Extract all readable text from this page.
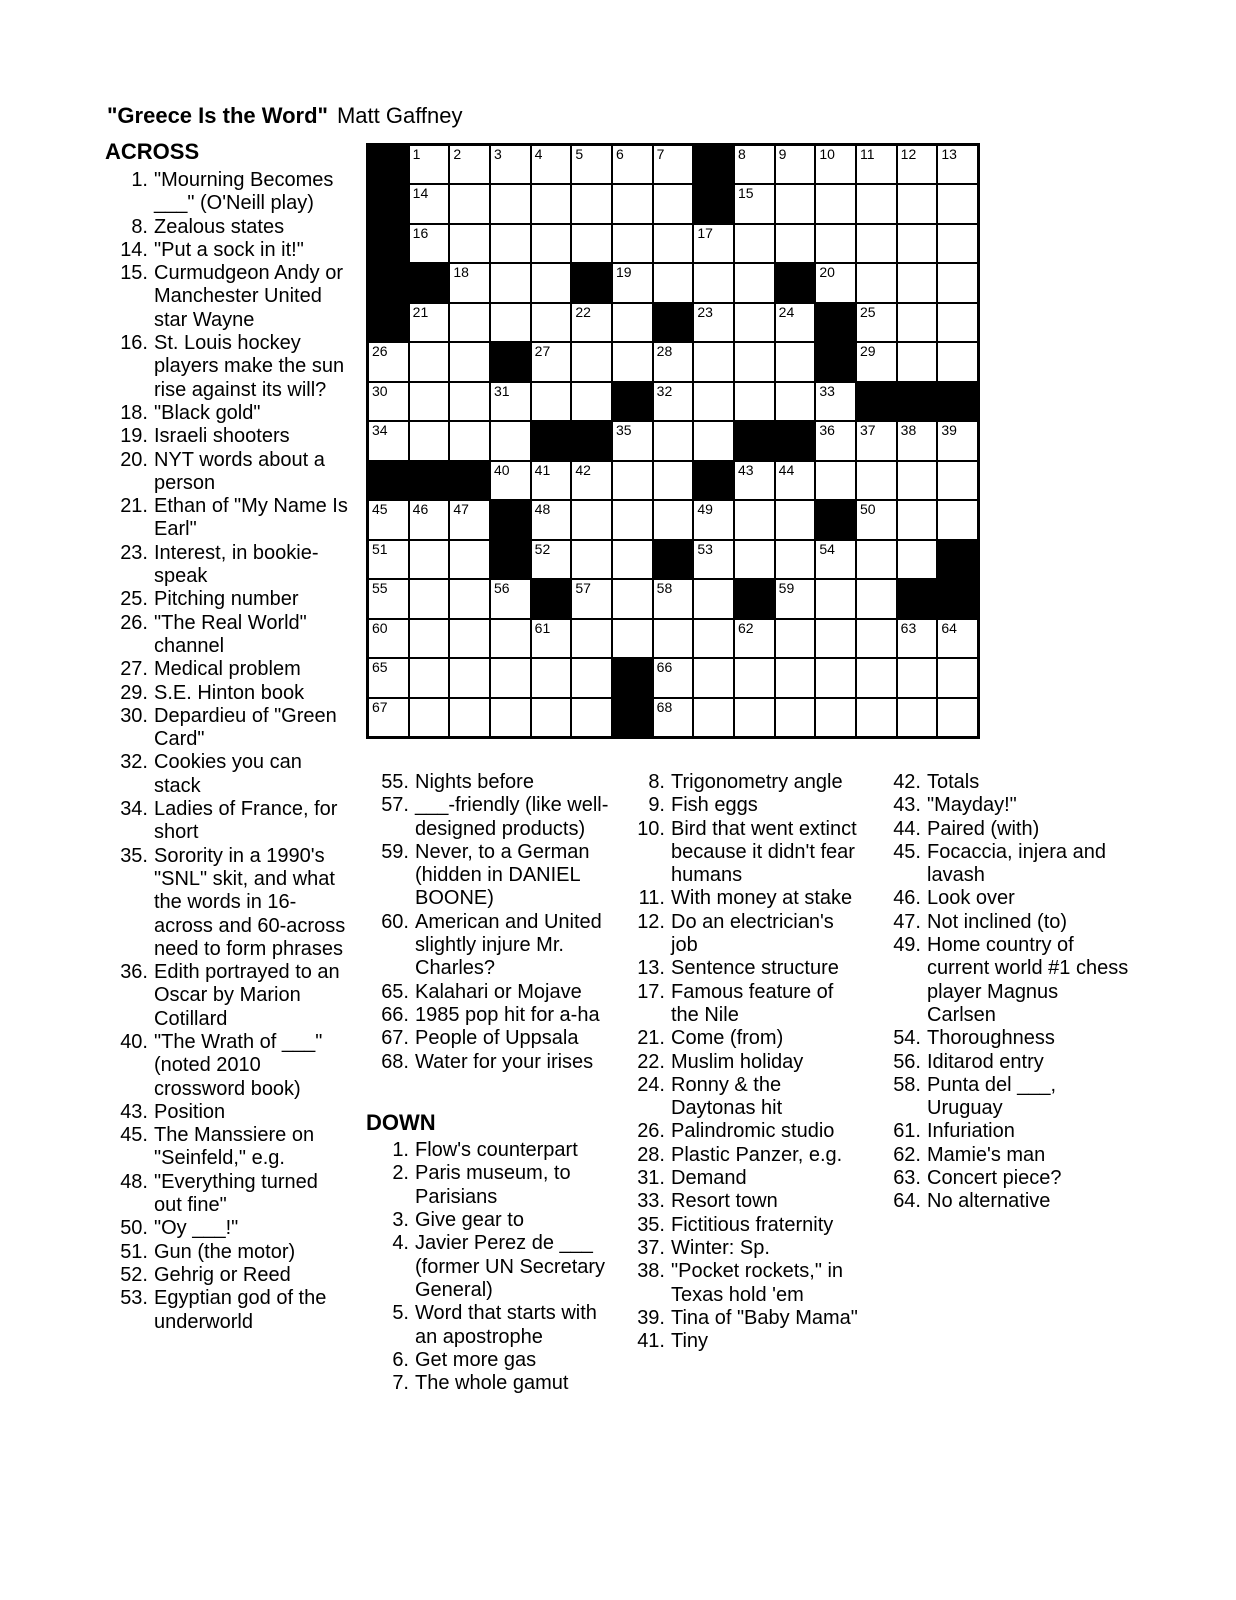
"Greece Is the Word" Matt Gaffney
ACROSS
1. "Mourning Becomes ___" (O'Neill play)
8. Zealous states
14. "Put a sock in it!"
15. Curmudgeon Andy or Manchester United star Wayne
16. St. Louis hockey players make the sun rise against its will?
18. "Black gold"
19. Israeli shooters
20. NYT words about a person
21. Ethan of "My Name Is Earl"
23. Interest, in bookie-speak
25. Pitching number
26. "The Real World" channel
27. Medical problem
29. S.E. Hinton book
30. Depardieu of "Green Card"
32. Cookies you can stack
34. Ladies of France, for short
35. Sorority in a 1990's "SNL" skit, and what the words in 16-across and 60-across need to form phrases
36. Edith portrayed to an Oscar by Marion Cotillard
40. "The Wrath of ___" (noted 2010 crossword book)
43. Position
45. The Manssiere on "Seinfeld," e.g.
48. "Everything turned out fine"
50. "Oy ___!"
51. Gun (the motor)
52. Gehrig or Reed
53. Egyptian god of the underworld
1 2 3 4 5 6 7	8 9 10 11 12 13
14	15
16	17
18	19	20
21	22	23	24	25
26	27	28	29
30	31	32	33
34	35	36 37 38 39
40 41 42	43 44
45 46 47	48	49	50
51	52	53	54
55	56	57	58	59
60	61	62	63 64
65	66
67	68
55. Nights before
57. ___-friendly (like well-designed products)
59. Never, to a German (hidden in DANIEL BOONE)
60. American and United slightly injure Mr. Charles?
65. Kalahari or Mojave
66. 1985 pop hit for a-ha
67. People of Uppsala
68. Water for your irises
DOWN
1. Flow's counterpart
2. Paris museum, to Parisians
3. Give gear to
4. Javier Perez de ___ (former UN Secretary General)
5. Word that starts with an apostrophe
6. Get more gas
7. The whole gamut
8. Trigonometry angle
9. Fish eggs
10. Bird that went extinct because it didn't fear humans
11. With money at stake
12. Do an electrician's job
13. Sentence structure
17. Famous feature of the Nile
21. Come (from)
22. Muslim holiday
24. Ronny & the Daytonas hit
26. Palindromic studio
28. Plastic Panzer, e.g.
31. Demand
33. Resort town
35. Fictitious fraternity
37. Winter: Sp.
38. "Pocket rockets," in Texas hold 'em
39. Tina of "Baby Mama"
41. Tiny
42. Totals
43. "Mayday!"
44. Paired (with)
45. Focaccia, injera and lavash
46. Look over
47. Not inclined (to)
49. Home country of current world #1 chess player Magnus Carlsen
54. Thoroughness
56. Iditarod entry
58. Punta del ___, Uruguay
61. Infuriation
62. Mamie's man
63. Concert piece?
64. No alternative
